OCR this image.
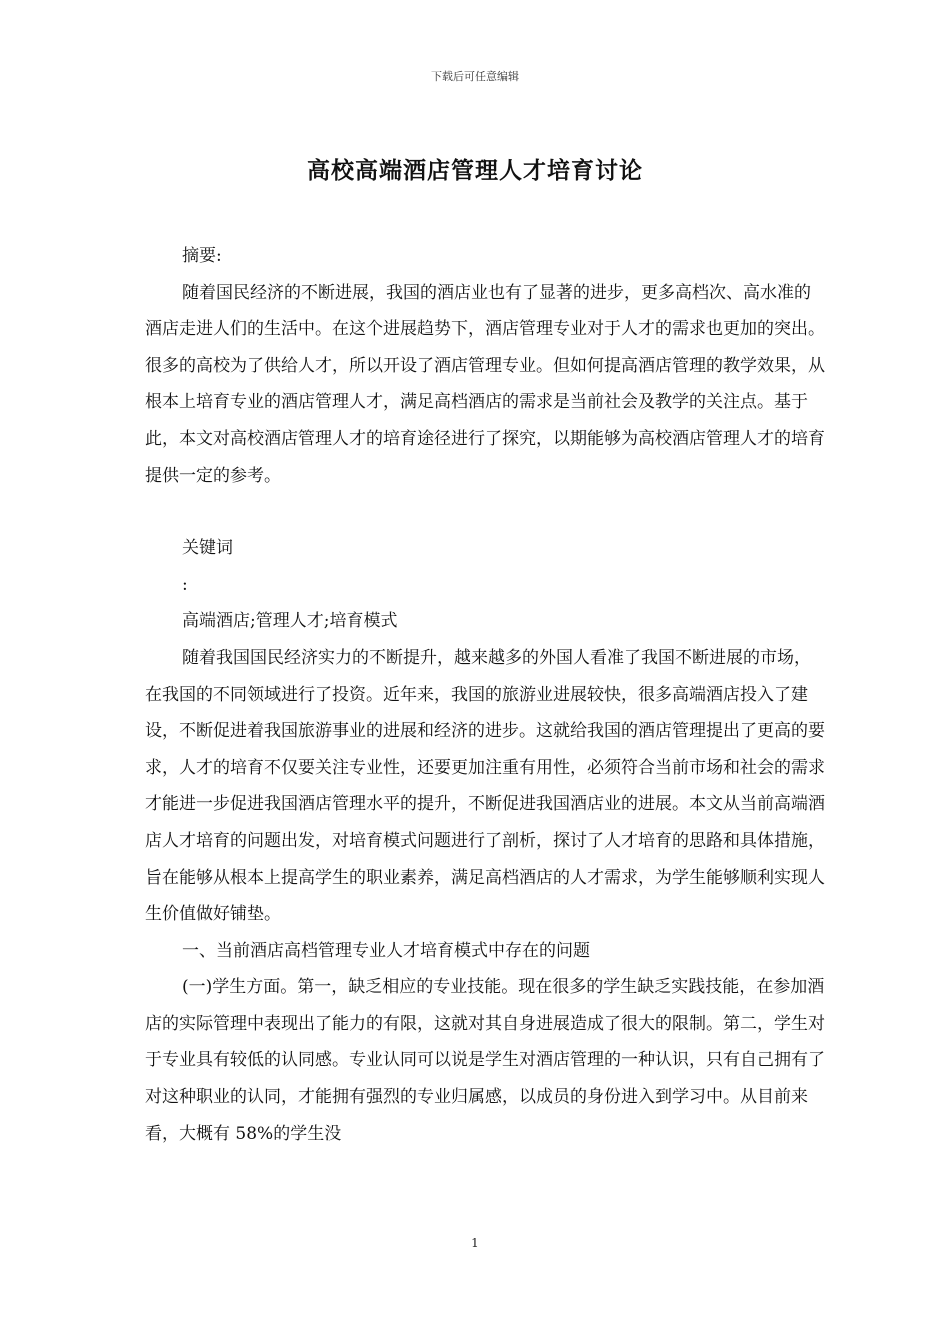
下载后可任意编辑
高校高端酒店管理人才培育讨论

摘要:

随着国民经济的不断进展，我国的酒店业也有了显著的进步，更多高档次、高水准的酒店走进人们的生活中。在这个进展趋势下，酒店管理专业对于人才的需求也更加的突出。很多的高校为了供给人才，所以开设了酒店管理专业。但如何提高酒店管理的教学效果，从根本上培育专业的酒店管理人才，满足高档酒店的需求是当前社会及教学的关注点。基于此，本文对高校酒店管理人才的培育途径进行了探究，以期能够为高校酒店管理人才的培育提供一定的参考。

关键词

:

高端酒店;管理人才;培育模式

随着我国国民经济实力的不断提升，越来越多的外国人看准了我国不断进展的市场，在我国的不同领域进行了投资。近年来，我国的旅游业进展较快，很多高端酒店投入了建设，不断促进着我国旅游事业的进展和经济的进步。这就给我国的酒店管理提出了更高的要求，人才的培育不仅要关注专业性，还要更加注重有用性，必须符合当前市场和社会的需求才能进一步促进我国酒店管理水平的提升，不断促进我国酒店业的进展。本文从当前高端酒店人才培育的问题出发，对培育模式问题进行了剖析，探讨了人才培育的思路和具体措施，旨在能够从根本上提高学生的职业素养，满足高档酒店的人才需求，为学生能够顺利实现人生价值做好铺垫。

一、当前酒店高档管理专业人才培育模式中存在的问题

(一)学生方面。第一，缺乏相应的专业技能。现在很多的学生缺乏实践技能，在参加酒店的实际管理中表现出了能力的有限，这就对其自身进展造成了很大的限制。第二，学生对于专业具有较低的认同感。专业认同可以说是学生对酒店管理的一种认识，只有自己拥有了对这种职业的认同，才能拥有强烈的专业归属感，以成员的身份进入到学习中。从目前来看，大概有 58%的学生没

1
